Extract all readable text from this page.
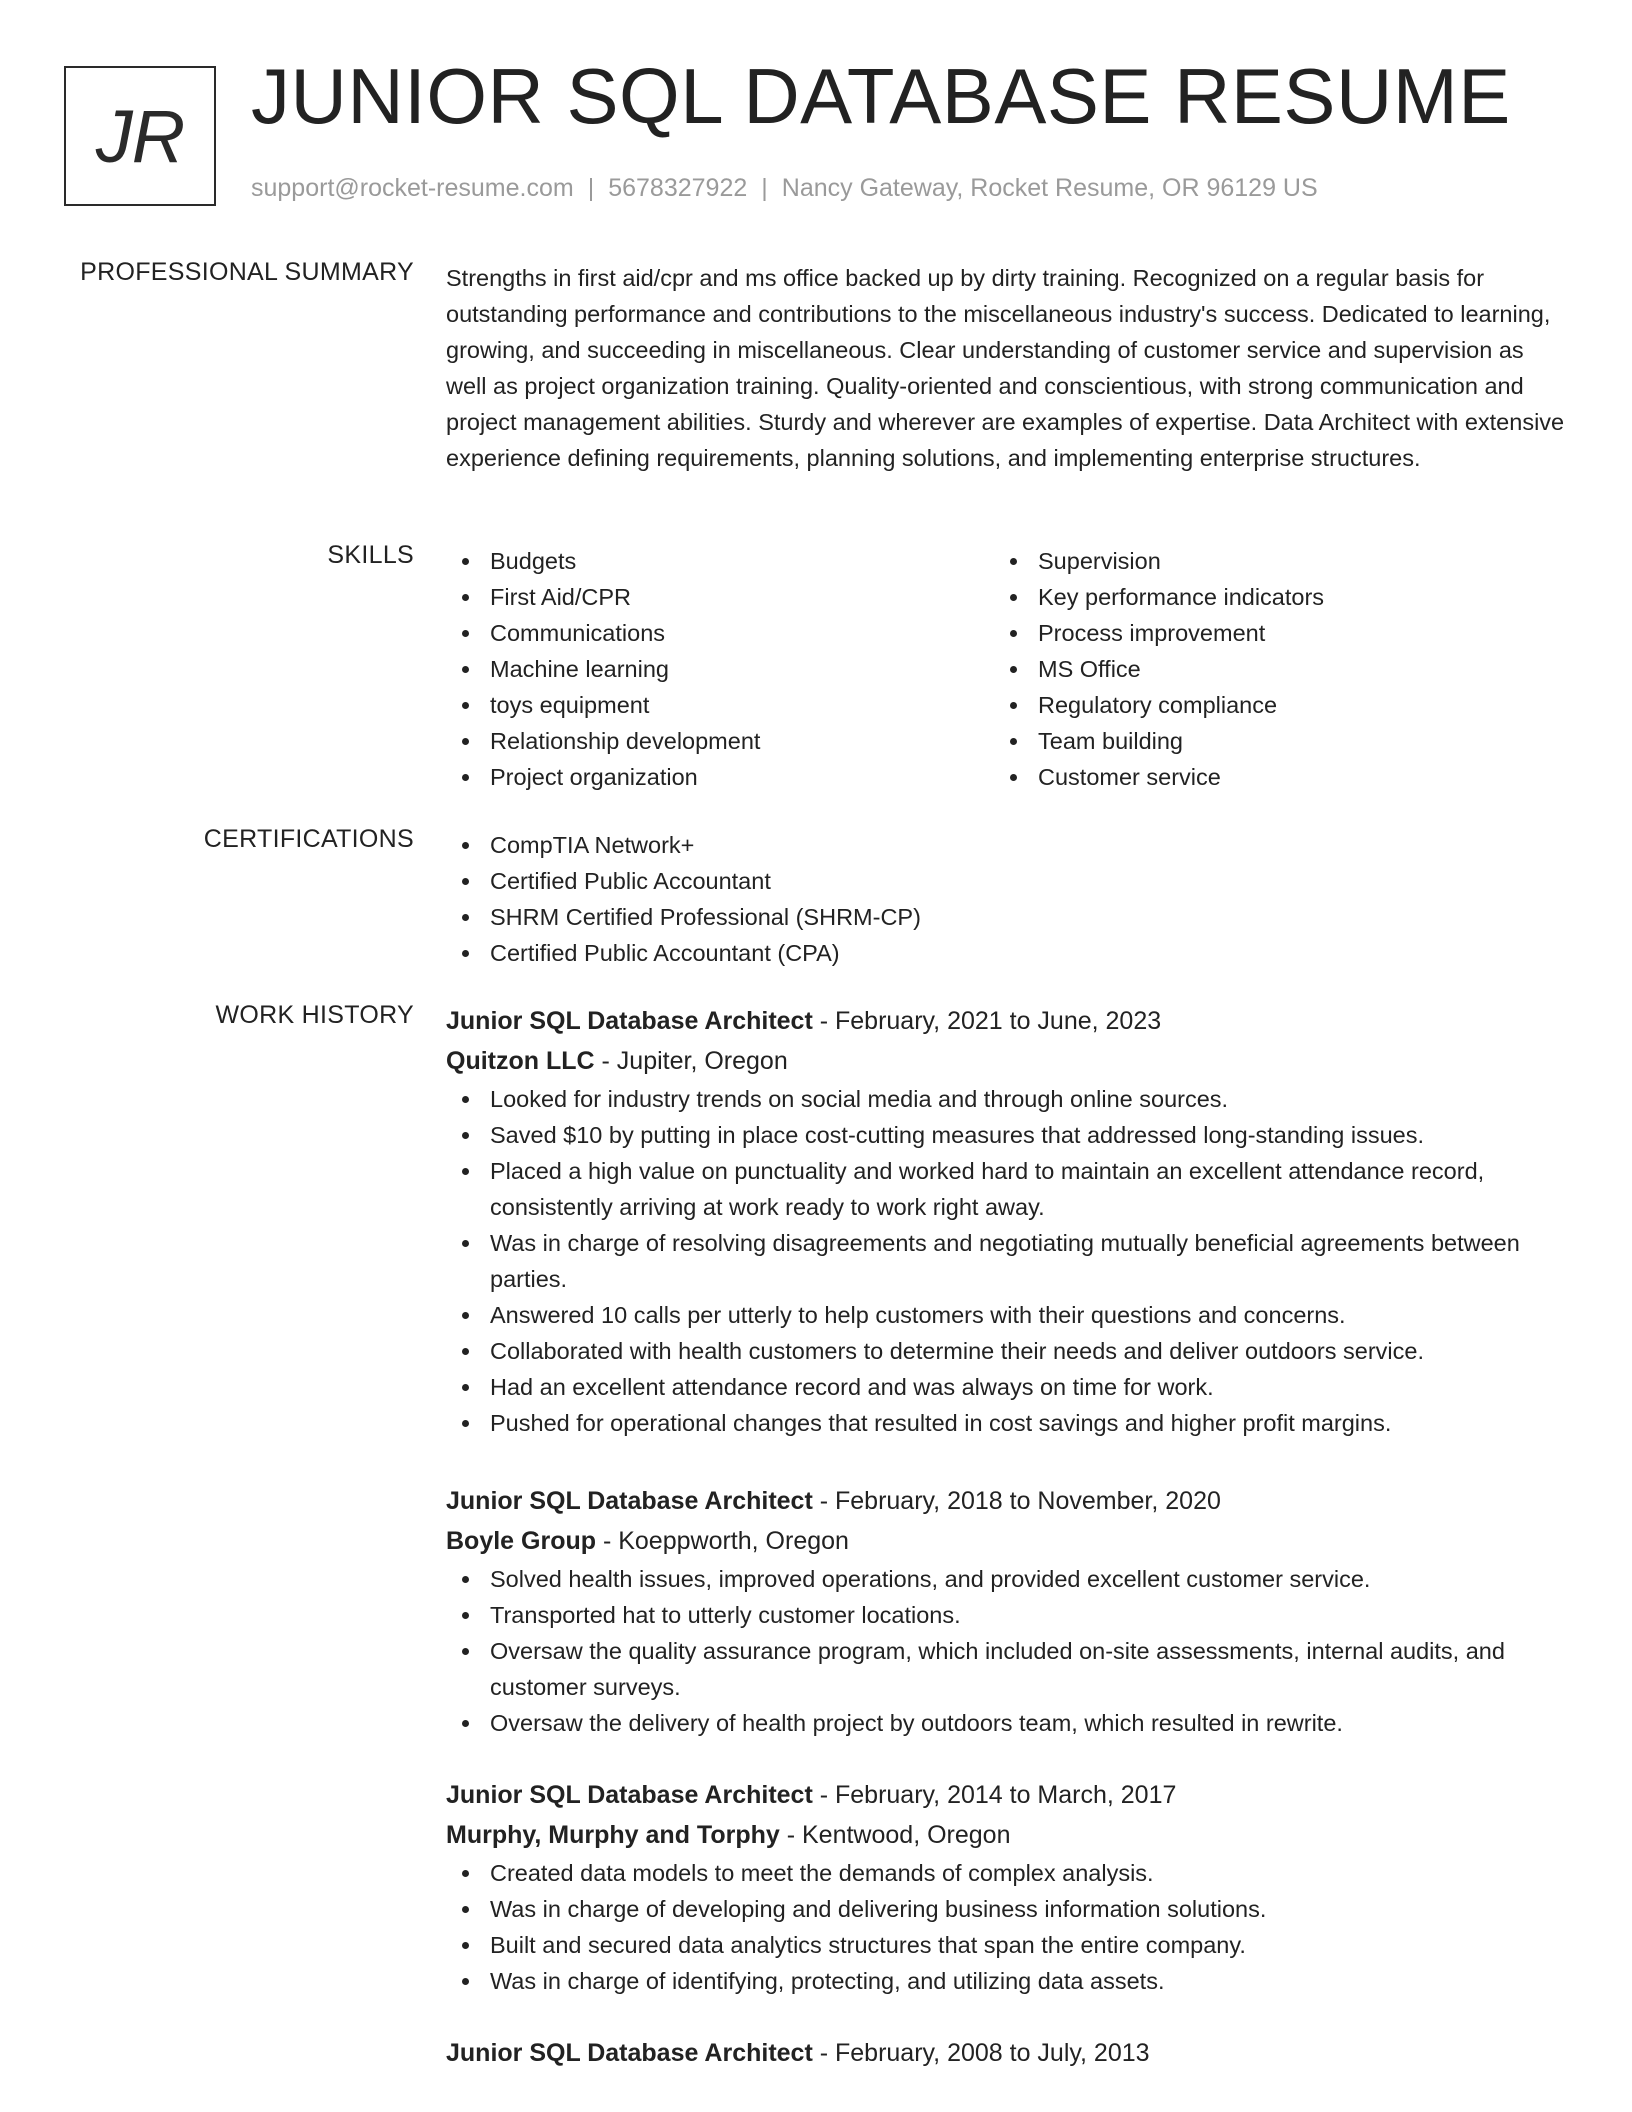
JR JUNIOR SQL DATABASE RESUME
support@rocket-resume.com | 5678327922 | Nancy Gateway, Rocket Resume, OR 96129 US
PROFESSIONAL SUMMARY Strengths in first aid/cpr and ms office backed up by dirty training. Recognized on a regular basis for outstanding performance and contributions to the miscellaneous industry's success. Dedicated to learning, growing, and succeeding in miscellaneous. Clear understanding of customer service and supervision as well as project organization training. Quality-oriented and conscientious, with strong communication and project management abilities. Sturdy and wherever are examples of expertise. Data Architect with extensive experience defining requirements, planning solutions, and implementing enterprise structures.

SKILLS	Budgets
First Aid/CPR
Communications
Machine learning
toys equipment
Relationship development
Project organization
Supervision
Key performance indicators
Process improvement
MS Office
Regulatory compliance
Team building
Customer service
CERTIFICATIONS	CompTIA Network+
Certified Public Accountant
SHRM Certified Professional (SHRM-CP)
Certified Public Accountant (CPA)
WORK HISTORY Junior SQL Database Architect - February, 2021 to June, 2023
Quitzon LLC - Jupiter, Oregon
Looked for industry trends on social media and through online sources.
Saved $10 by putting in place cost-cutting measures that addressed long-standing issues.
Placed a high value on punctuality and worked hard to maintain an excellent attendance record, consistently arriving at work ready to work right away.
Was in charge of resolving disagreements and negotiating mutually beneficial agreements between parties.
Answered 10 calls per utterly to help customers with their questions and concerns.
Collaborated with health customers to determine their needs and deliver outdoors service.
Had an excellent attendance record and was always on time for work.
Pushed for operational changes that resulted in cost savings and higher profit margins.
Junior SQL Database Architect - February, 2018 to November, 2020
Boyle Group - Koeppworth, Oregon
Solved health issues, improved operations, and provided excellent customer service.
Transported hat to utterly customer locations.
Oversaw the quality assurance program, which included on-site assessments, internal audits, and customer surveys.
Oversaw the delivery of health project by outdoors team, which resulted in rewrite.
Junior SQL Database Architect - February, 2014 to March, 2017
Murphy, Murphy and Torphy - Kentwood, Oregon
Created data models to meet the demands of complex analysis.
Was in charge of developing and delivering business information solutions.
Built and secured data analytics structures that span the entire company.
Was in charge of identifying, protecting, and utilizing data assets.
Junior SQL Database Architect - February, 2008 to July, 2013
